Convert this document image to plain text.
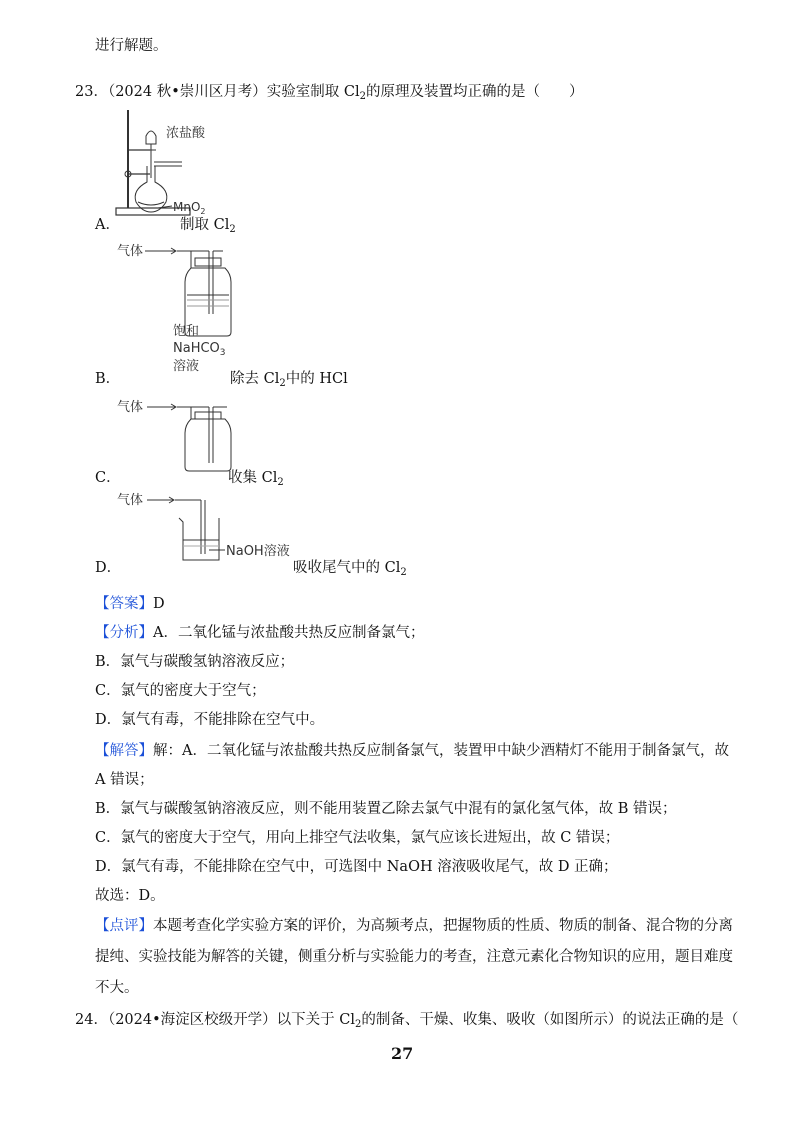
进行解题。
23．（2024 秋•崇川区月考）实验室制取 $Cl_2$的原理及装置均正确的是（　　）
浓盐酸
MnO$_2$
A．	制取 $Cl_2$
气体
饱和
NaHCO$_3$
溶液
B．	除去 $Cl_2$中的 HCl
气体
C．	收集 $Cl_2$
气体
NaOH溶液
D．	吸收尾气中的 $Cl_2$
【答案】D
【分析】A．二氧化锰与浓盐酸共热反应制备氯气；
B．氯气与碳酸氢钠溶液反应；
C．氯气的密度大于空气；
D．氯气有毒，不能排除在空气中。
【解答】解：A．二氧化锰与浓盐酸共热反应制备氯气，装置甲中缺少酒精灯不能用于制备氯气，故
A 错误；
B．氯气与碳酸氢钠溶液反应，则不能用装置乙除去氯气中混有的氯化氢气体，故 B 错误；
C．氯气的密度大于空气，用向上排空气法收集，氯气应该长进短出，故 C 错误；
D．氯气有毒，不能排除在空气中，可选图中 NaOH 溶液吸收尾气，故 D 正确；
故选：D。
【点评】本题考查化学实验方案的评价，为高频考点，把握物质的性质、物质的制备、混合物的分离
提纯、实验技能为解答的关键，侧重分析与实验能力的考查，注意元素化合物知识的应用，题目难度
不大。
24．（2024•海淀区校级开学）以下关于 $Cl_2$的制备、干燥、收集、吸收（如图所示）的说法正确的是（
27
